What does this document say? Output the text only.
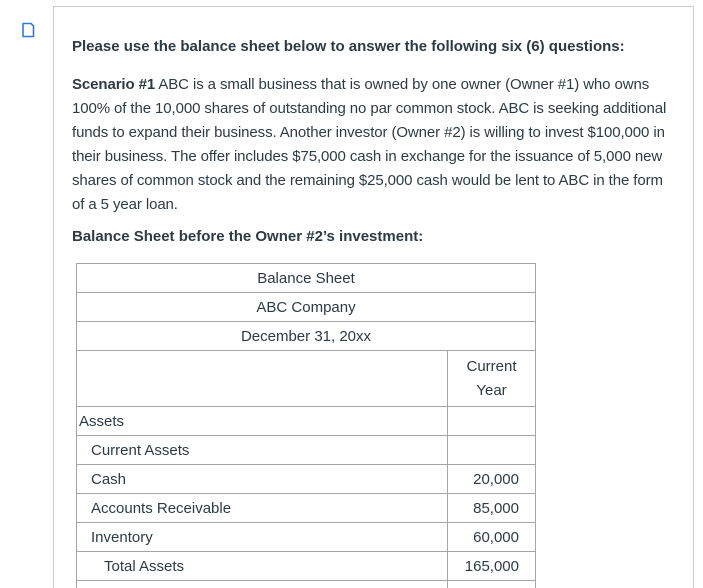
Please use the balance sheet below to answer the following six (6) questions:

Scenario #1 ABC is a small business that is owned by one owner (Owner #1) who owns 100% of the 10,000 shares of outstanding no par common stock. ABC is seeking additional funds to expand their business. Another investor (Owner #2) is willing to invest $100,000 in their business. The offer includes $75,000 cash in exchange for the issuance of 5,000 new shares of common stock and the remaining $25,000 cash would be lent to ABC in the form of a 5 year loan.

Balance Sheet before the Owner #2’s investment:

Balance Sheet	
ABC Company	
December 31, 20xx	

	Current
Year

Assets	
Current Assets	
Cash	20,000
Accounts Receivable	85,000
Inventory	60,000
Total Assets	165,000
